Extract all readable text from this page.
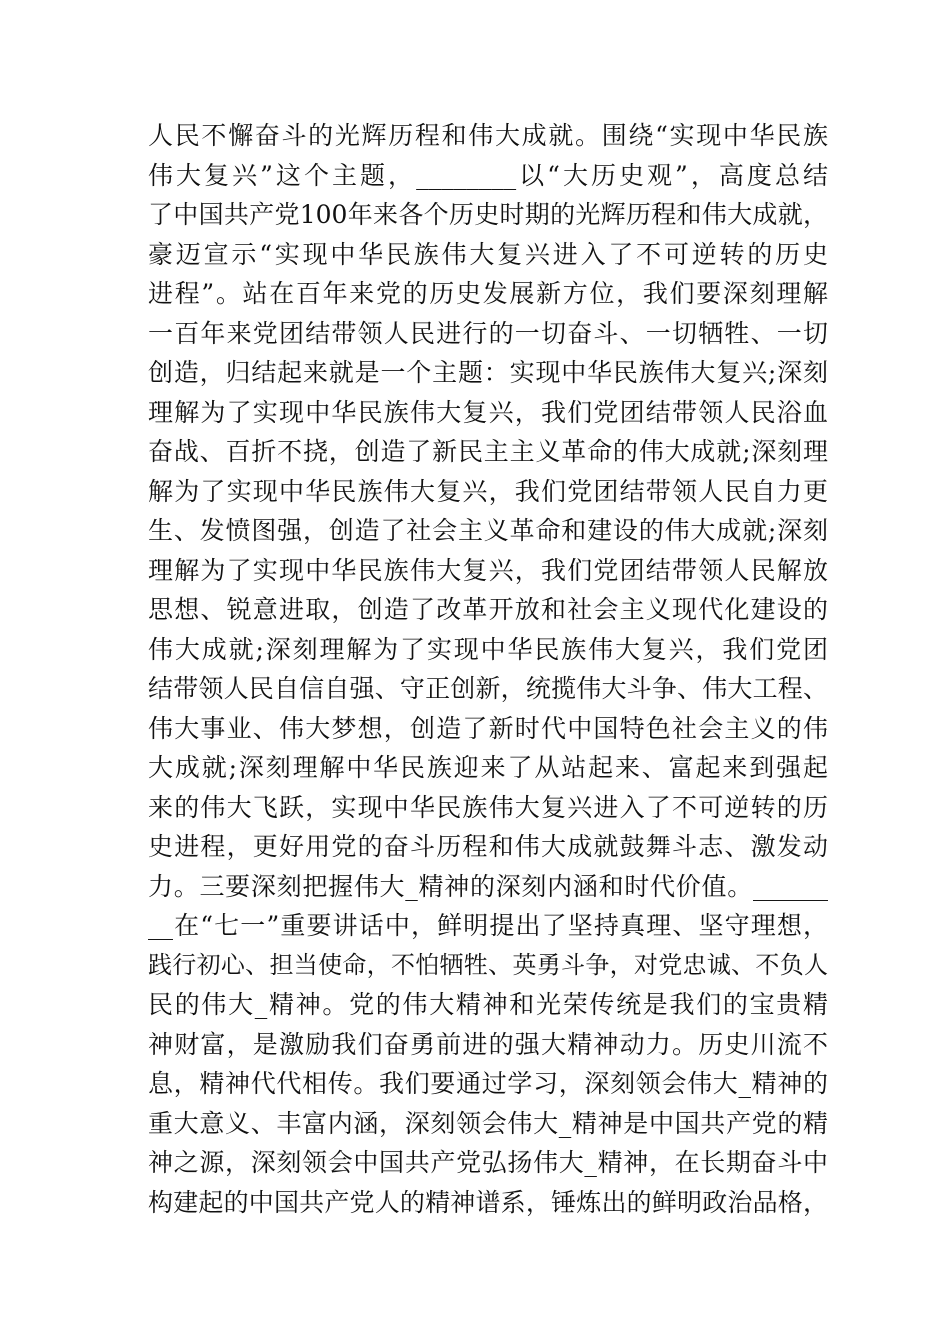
人民不懈奋斗的光辉历程和伟大成就。围绕“实现中华民族
伟大复兴”这个主题，________以“大历史观”，高度总结
了中国共产党100年来各个历史时期的光辉历程和伟大成就，
豪迈宣示“实现中华民族伟大复兴进入了不可逆转的历史
进程”。站在百年来党的历史发展新方位，我们要深刻理解
一百年来党团结带领人民进行的一切奋斗、一切牺牲、一切
创造，归结起来就是一个主题：实现中华民族伟大复兴;深刻
理解为了实现中华民族伟大复兴，我们党团结带领人民浴血
奋战、百折不挠，创造了新民主主义革命的伟大成就;深刻理
解为了实现中华民族伟大复兴，我们党团结带领人民自力更
生、发愤图强，创造了社会主义革命和建设的伟大成就;深刻
理解为了实现中华民族伟大复兴，我们党团结带领人民解放
思想、锐意进取，创造了改革开放和社会主义现代化建设的
伟大成就;深刻理解为了实现中华民族伟大复兴，我们党团
结带领人民自信自强、守正创新，统揽伟大斗争、伟大工程、
伟大事业、伟大梦想，创造了新时代中国特色社会主义的伟
大成就;深刻理解中华民族迎来了从站起来、富起来到强起
来的伟大飞跃，实现中华民族伟大复兴进入了不可逆转的历
史进程，更好用党的奋斗历程和伟大成就鼓舞斗志、激发动
力。三要深刻把握伟大_精神的深刻内涵和时代价值。______
__在“七一”重要讲话中，鲜明提出了坚持真理、坚守理想，
践行初心、担当使命，不怕牺牲、英勇斗争，对党忠诚、不负人
民的伟大_精神。党的伟大精神和光荣传统是我们的宝贵精
神财富，是激励我们奋勇前进的强大精神动力。历史川流不
息，精神代代相传。我们要通过学习，深刻领会伟大_精神的
重大意义、丰富内涵，深刻领会伟大_精神是中国共产党的精
神之源，深刻领会中国共产党弘扬伟大_精神，在长期奋斗中
构建起的中国共产党人的精神谱系，锤炼出的鲜明政治品格，
